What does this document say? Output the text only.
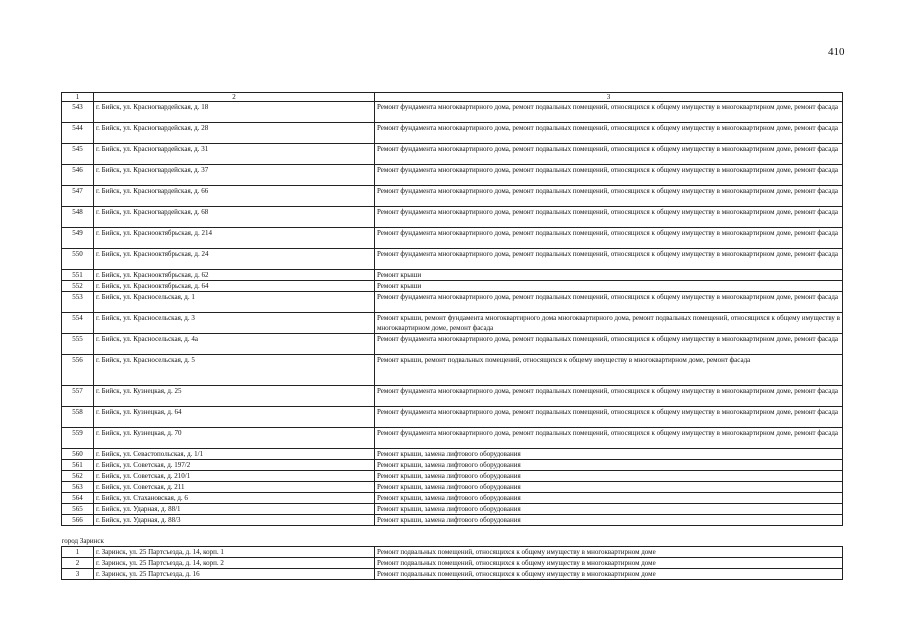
410
1	2	3
543	г. Бийск, ул. Красногвардейская, д. 18	Ремонт фундамента многоквартирного дома, ремонт подвальных помещений, относящихся к общему имуществу в многоквартирном доме, ремонт фасада
544	г. Бийск, ул. Красногвардейская, д. 28	Ремонт фундамента многоквартирного дома, ремонт подвальных помещений, относящихся к общему имуществу в многоквартирном доме, ремонт фасада
545	г. Бийск, ул. Красногвардейская, д. 31	Ремонт фундамента многоквартирного дома, ремонт подвальных помещений, относящихся к общему имуществу в многоквартирном доме, ремонт фасада
546	г. Бийск, ул. Красногвардейская, д. 37	Ремонт фундамента многоквартирного дома, ремонт подвальных помещений, относящихся к общему имуществу в многоквартирном доме, ремонт фасада
547	г. Бийск, ул. Красногвардейская, д. 66	Ремонт фундамента многоквартирного дома, ремонт подвальных помещений, относящихся к общему имуществу в многоквартирном доме, ремонт фасада
548	г. Бийск, ул. Красногвардейская, д. 68	Ремонт фундамента многоквартирного дома, ремонт подвальных помещений, относящихся к общему имуществу в многоквартирном доме, ремонт фасада
549	г. Бийск, ул. Краснооктябрьская, д. 214	Ремонт фундамента многоквартирного дома, ремонт подвальных помещений, относящихся к общему имуществу в многоквартирном доме, ремонт фасада
550	г. Бийск, ул. Краснооктябрьская, д. 24	Ремонт фундамента многоквартирного дома, ремонт подвальных помещений, относящихся к общему имуществу в многоквартирном доме, ремонт фасада
551	г. Бийск, ул. Краснооктябрьская, д. 62	Ремонт крыши
552	г. Бийск, ул. Краснооктябрьская, д. 64	Ремонт крыши
553	г. Бийск, ул. Красносельская, д. 1	Ремонт фундамента многоквартирного дома, ремонт подвальных помещений, относящихся к общему имуществу в многоквартирном доме, ремонт фасада
554	г. Бийск, ул. Красносельская, д. 3	Ремонт крыши, ремонт фундамента многоквартирного дома многоквартирного дома, ремонт подвальных помещений, относящихся к общему имуществу в многоквартирном доме, ремонт фасада
555	г. Бийск, ул. Красносельская, д. 4а	Ремонт фундамента многоквартирного дома, ремонт подвальных помещений, относящихся к общему имуществу в многоквартирном доме, ремонт фасада
556	г. Бийск, ул. Красносельская, д. 5	Ремонт крыши, ремонт подвальных помещений, относящихся к общему имуществу в многоквартирном доме, ремонт фасада
557	г. Бийск, ул. Кузнецкая, д. 25	Ремонт фундамента многоквартирного дома, ремонт подвальных помещений, относящихся к общему имуществу в многоквартирном доме, ремонт фасада
558	г. Бийск, ул. Кузнецкая, д. 64	Ремонт фундамента многоквартирного дома, ремонт подвальных помещений, относящихся к общему имуществу в многоквартирном доме, ремонт фасада
559	г. Бийск, ул. Кузнецкая, д. 70	Ремонт фундамента многоквартирного дома, ремонт подвальных помещений, относящихся к общему имуществу в многоквартирном доме, ремонт фасада
560	г. Бийск, ул. Севастопольская, д. 1/1	Ремонт крыши, замена лифтового оборудования
561	г. Бийск, ул. Советская, д. 197/2	Ремонт крыши, замена лифтового оборудования
562	г. Бийск, ул. Советская, д. 210/1	Ремонт крыши, замена лифтового оборудования
563	г. Бийск, ул. Советская, д. 211	Ремонт крыши, замена лифтового оборудования
564	г. Бийск, ул. Стахановская, д. 6	Ремонт крыши, замена лифтового оборудования
565	г. Бийск, ул. Ударная, д. 88/1	Ремонт крыши, замена лифтового оборудования
566	г. Бийск, ул. Ударная, д. 88/3	Ремонт крыши, замена лифтового оборудования

город Заринск		
1	г. Заринск, ул. 25 Партсъезда, д. 14, корп. 1	Ремонт подвальных помещений, относящихся к общему имуществу в многоквартирном доме
2	г. Заринск, ул. 25 Партсъезда, д. 14, корп. 2	Ремонт подвальных помещений, относящихся к общему имуществу в многоквартирном доме
3	г. Заринск, ул. 25 Партсъезда, д. 16	Ремонт подвальных помещений, относящихся к общему имуществу в многоквартирном доме
